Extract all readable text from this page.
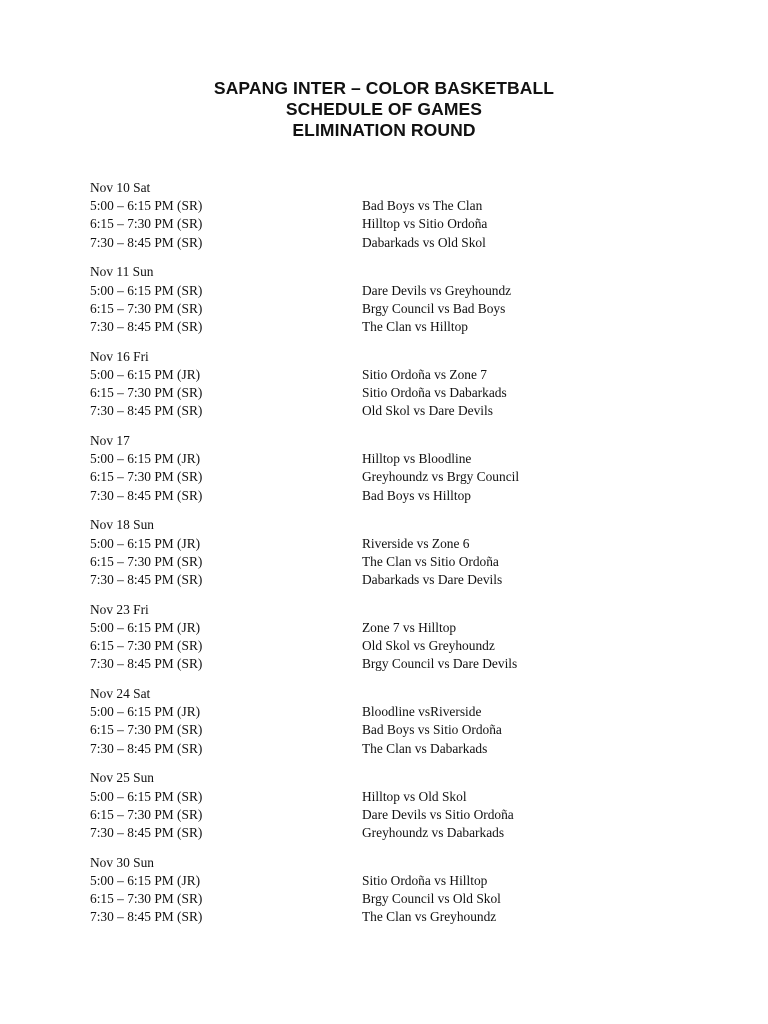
SAPANG INTER – COLOR BASKETBALL
SCHEDULE OF GAMES
ELIMINATION ROUND
Nov 10 Sat
5:00 – 6:15 PM (SR)	Bad Boys vs The Clan
6:15 – 7:30 PM (SR)	Hilltop vs Sitio Ordoña
7:30 – 8:45 PM (SR)	Dabarkads vs Old Skol
Nov 11 Sun
5:00 – 6:15 PM (SR)	Dare Devils vs Greyhoundz
6:15 – 7:30 PM (SR)	Brgy Council vs Bad Boys
7:30 – 8:45 PM (SR)	The Clan vs Hilltop
Nov 16 Fri
5:00 – 6:15 PM (JR)	Sitio Ordoña vs Zone 7
6:15 – 7:30 PM (SR)	Sitio Ordoña vs Dabarkads
7:30 – 8:45 PM (SR)	Old Skol vs Dare Devils
Nov 17
5:00 – 6:15 PM (JR)	Hilltop vs Bloodline
6:15 – 7:30 PM (SR)	Greyhoundz vs Brgy Council
7:30 – 8:45 PM (SR)	Bad Boys vs Hilltop
Nov 18 Sun
5:00 – 6:15 PM (JR)	Riverside vs Zone 6
6:15 – 7:30 PM (SR)	The Clan vs Sitio Ordoña
7:30 – 8:45 PM (SR)	Dabarkads vs Dare Devils
Nov 23 Fri
5:00 – 6:15 PM (JR)	Zone 7 vs Hilltop
6:15 – 7:30 PM (SR)	Old Skol vs Greyhoundz
7:30 – 8:45 PM (SR)	Brgy Council vs Dare Devils
Nov 24 Sat
5:00 – 6:15 PM (JR)	Bloodline vsRiverside
6:15 – 7:30 PM (SR)	Bad Boys vs Sitio Ordoña
7:30 – 8:45 PM (SR)	The Clan vs Dabarkads
Nov 25 Sun
5:00 – 6:15 PM (SR)	Hilltop vs Old Skol
6:15 – 7:30 PM (SR)	Dare Devils vs Sitio Ordoña
7:30 – 8:45 PM (SR)	Greyhoundz vs Dabarkads
Nov 30 Sun
5:00 – 6:15 PM (JR)	Sitio Ordoña vs Hilltop
6:15 – 7:30 PM (SR)	Brgy Council vs Old Skol
7:30 – 8:45 PM (SR)	The Clan vs Greyhoundz
